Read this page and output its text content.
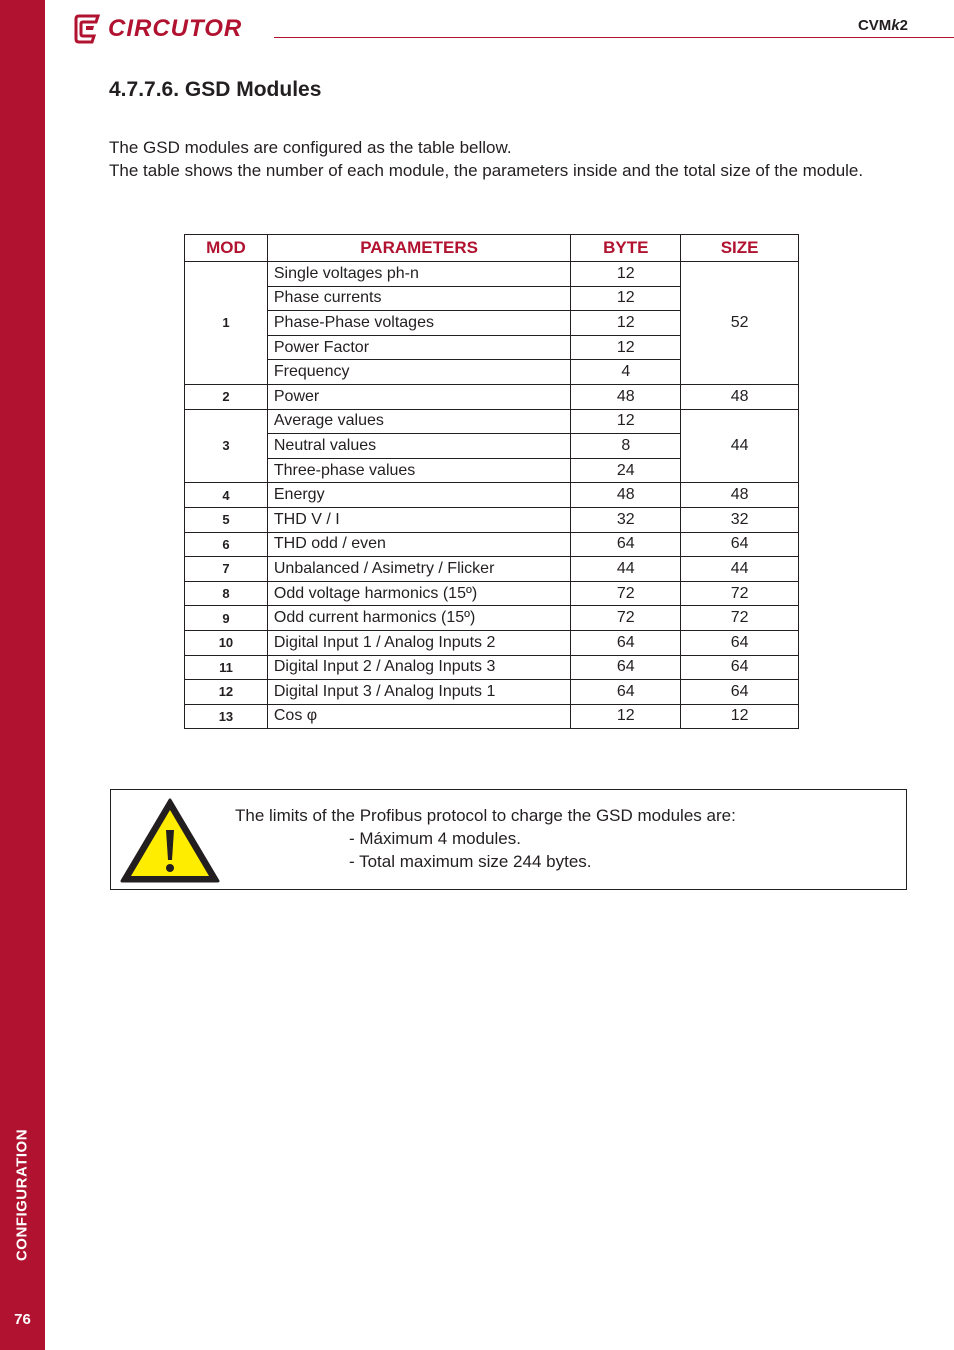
CONFIGURATION
76
CIRCUTOR	CVMk2
4.7.7.6. GSD Modules

The GSD modules are configured as the table bellow.

The table shows the number of each module, the parameters inside and the total size of the module.

MOD	PARAMETERS	BYTE	SIZE
1	Single voltages ph-n	12	52
	Phase currents	12	
	Phase-Phase voltages	12	
	Power Factor	12	
	Frequency	4	
2	Power	48	48
3	Average values	12	44
	Neutral values	8	
	Three-phase values	24	
4	Energy	48	48
5	THD V / I	32	32
6	THD odd / even	64	64
7	Unbalanced / Asimetry / Flicker	44	44
8	Odd voltage harmonics (15º)	72	72
9	Odd current harmonics (15º)	72	72
10	Digital Input 1 / Analog Inputs 2	64	64
11	Digital Input 2 / Analog Inputs 3	64	64
12	Digital Input 3 / Analog Inputs 1	64	64
13	Cos φ	12	12
The limits of the Profibus protocol to charge the GSD modules are:
- Máximum 4 modules.
- Total maximum size 244 bytes.
